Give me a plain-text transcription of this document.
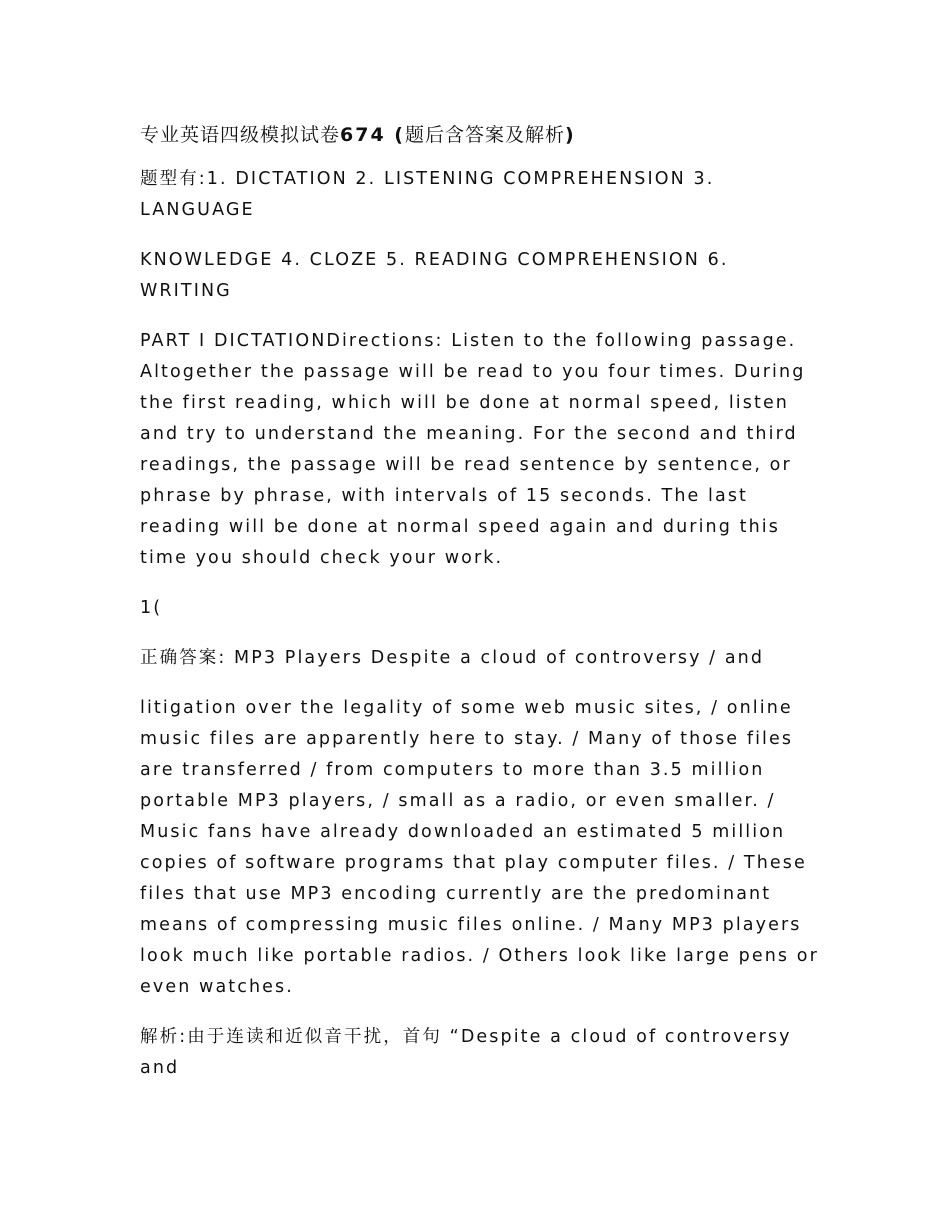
专业英语四级模拟试卷674 (题后含答案及解析)

题型有:1. DICTATION 2. LISTENING COMPREHENSION 3. LANGUAGE

KNOWLEDGE 4. CLOZE 5. READING COMPREHENSION 6. WRITING

PART I DICTATIONDirections: Listen to the following passage. Altogether the passage will be read to you four times. During the first reading, which will be done at normal speed, listen and try to understand the meaning. For the second and third readings, the passage will be read sentence by sentence, or phrase by phrase, with intervals of 15 seconds. The last reading will be done at normal speed again and during this time you should check your work.

1(

正确答案: MP3 Players Despite a cloud of controversy / and

litigation over the legality of some web music sites, / online music files are apparently here to stay. / Many of those files are transferred / from computers to more than 3.5 million portable MP3 players, / small as a radio, or even smaller. / Music fans have already downloaded an estimated 5 million copies of software programs that play computer files. / These files that use MP3 encoding currently are the predominant means of compressing music files online. / Many MP3 players look much like portable radios. / Others look like large pens or even watches.

解析:由于连读和近似音干扰，首句 “Despite a cloud of controversy and
